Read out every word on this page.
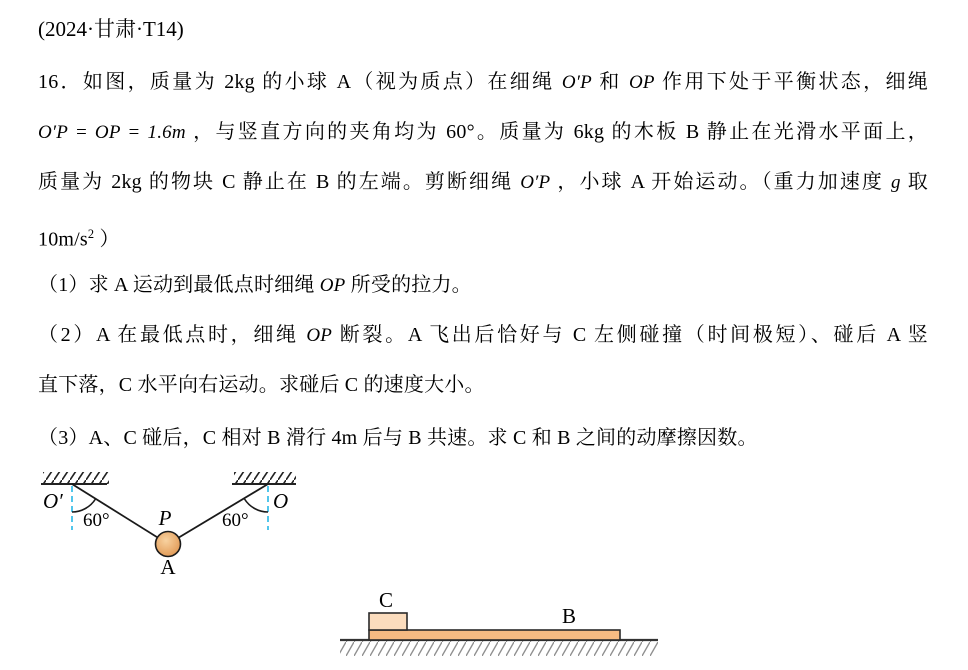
(2024·甘肃·T14)
16．如图，质量为 2kg 的小球 A（视为质点）在细绳 O′P 和 OP 作用下处于平衡状态，细绳
O′P = OP = 1.6m ，与竖直方向的夹角均为 60°。质量为 6kg 的木板 B 静止在光滑水平面上，
质量为 2kg 的物块 C 静止在 B 的左端。剪断细绳 O′P ，小球 A 开始运动。（重力加速度 g 取
$10m/s^2$ ）
（1）求 A 运动到最低点时细绳 OP 所受的拉力。
（2）A 在最低点时，细绳 OP 断裂。A 飞出后恰好与 C 左侧碰撞（时间极短）、碰后 A 竖
直下落，C 水平向右运动。求碰后 C 的速度大小。
（3）A、C 碰后，C 相对 B 滑行 4m 后与 B 共速。求 C 和 B 之间的动摩擦因数。
O′	O
60°	60°
P
A
C
B
